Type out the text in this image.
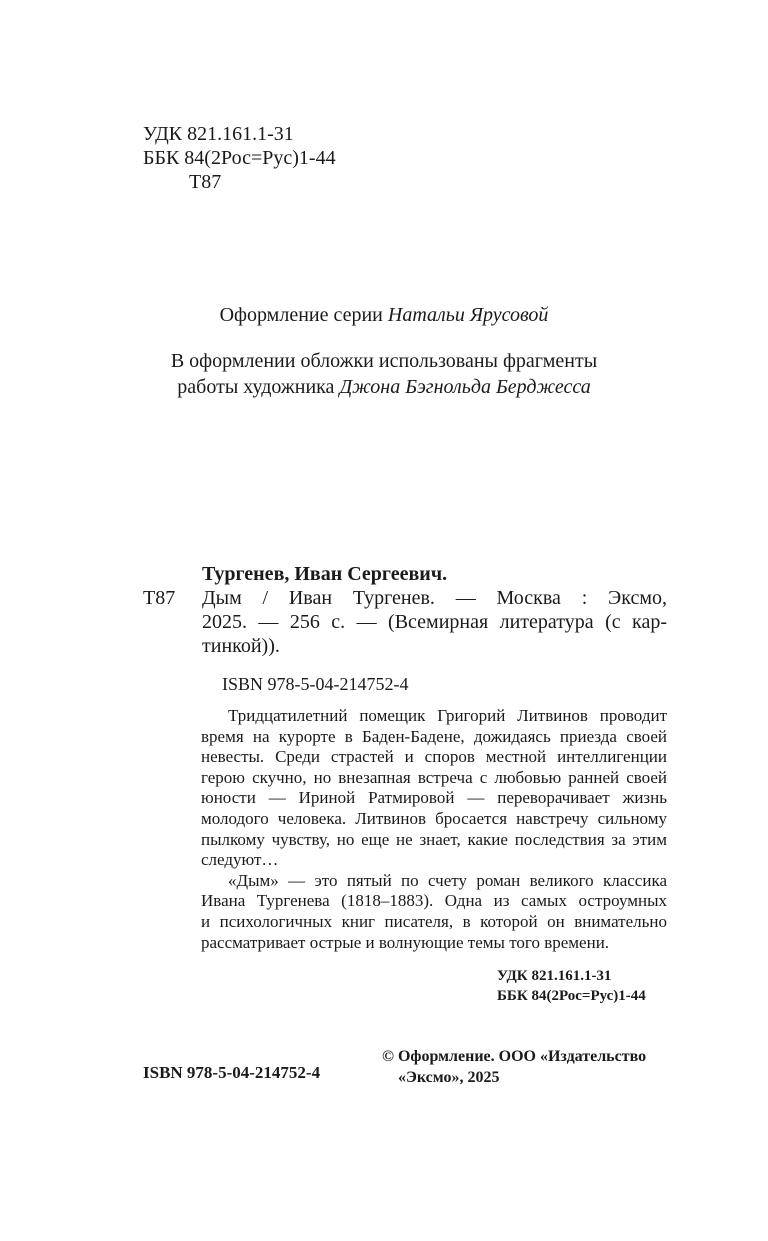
УДК 821.161.1-31
ББК 84(2Рос=Рус)1-44
Т87
Оформление серии Натальи Ярусовой
В оформлении обложки использованы фрагменты
работы художника Джона Бэгнольда Берджесса
Тургенев, Иван Сергеевич.
Т87 Дым / Иван Тургенев. — Москва : Эксмо,
2025. — 256 с. — (Всемирная литература (с кар-
тинкой)).
ISBN 978-5-04-214752-4
Тридцатилетний помещик Григорий Литвинов проводит
время на курорте в Баден-Бадене, дожидаясь приезда своей
невесты. Среди страстей и споров местной интеллигенции
герою скучно, но внезапная встреча с любовью ранней своей
юности — Ириной Ратмировой — переворачивает жизнь
молодого человека. Литвинов бросается навстречу сильному
пылкому чувству, но еще не знает, какие последствия за этим
следуют…
«Дым» — это пятый по счету роман великого классика
Ивана Тургенева (1818–1883). Одна из самых остроумных
и психологичных книг писателя, в которой он внимательно
рассматривает острые и волнующие темы того времени.
УДК 821.161.1-31
ББК 84(2Рос=Рус)1-44
ISBN 978-5-04-214752-4
© Оформление. ООО «Издательство
«Эксмо», 2025
